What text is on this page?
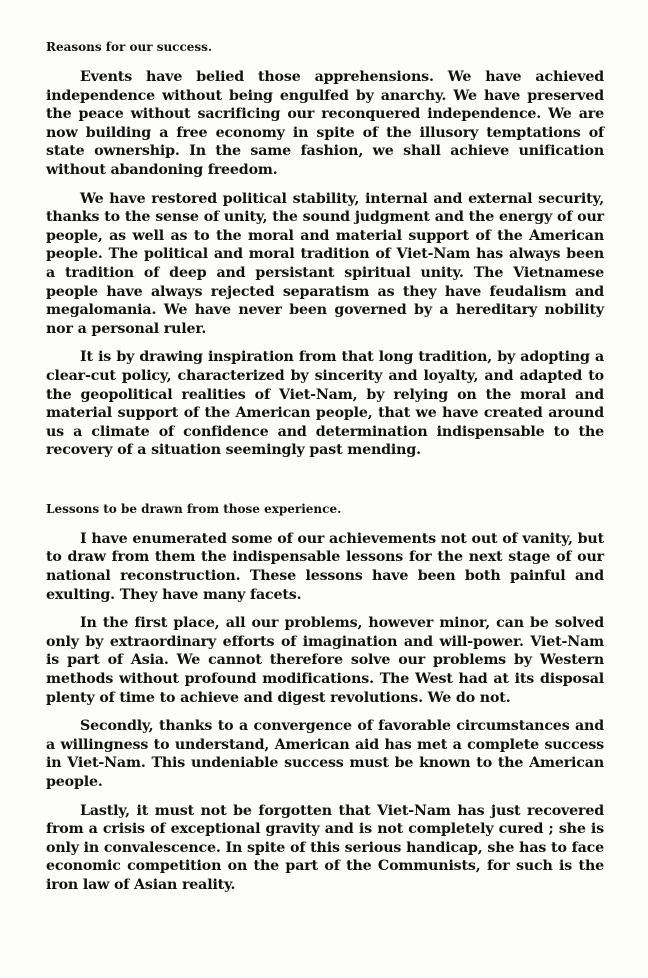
Reasons for our success.

Events have belied those apprehensions. We have achieved independence without being engulfed by anarchy. We have preserved the peace without sacrificing our reconquered independence. We are now building a free economy in spite of the illusory temptations of state ownership. In the same fashion, we shall achieve unification without abandoning freedom.

We have restored political stability, internal and external security, thanks to the sense of unity, the sound judgment and the energy of our people, as well as to the moral and material support of the American people. The political and moral tradition of Viet-Nam has always been a tradition of deep and persistant spiritual unity. The Vietnamese people have always rejected separatism as they have feudalism and megalomania. We have never been governed by a hereditary nobility nor a personal ruler.

It is by drawing inspiration from that long tradition, by adopting a clear-cut policy, characterized by sincerity and loyalty, and adapted to the geopolitical realities of Viet-Nam, by relying on the moral and material support of the American people, that we have created around us a climate of confidence and determination indispensable to the recovery of a situation seemingly past mending.

Lessons to be drawn from those experience.

I have enumerated some of our achievements not out of vanity, but to draw from them the indispensable lessons for the next stage of our national reconstruction. These lessons have been both painful and exulting. They have many facets.

In the first place, all our problems, however minor, can be solved only by extraordinary efforts of imagination and will-power. Viet-Nam is part of Asia. We cannot therefore solve our problems by Western methods without profound modifications. The West had at its disposal plenty of time to achieve and digest revolutions. We do not.

Secondly, thanks to a convergence of favorable circumstances and a willingness to understand, American aid has met a complete success in Viet-Nam. This undeniable success must be known to the American people.

Lastly, it must not be forgotten that Viet-Nam has just recovered from a crisis of exceptional gravity and is not completely cured ; she is only in convalescence. In spite of this serious handicap, she has to face economic competition on the part of the Communists, for such is the iron law of Asian reality.
